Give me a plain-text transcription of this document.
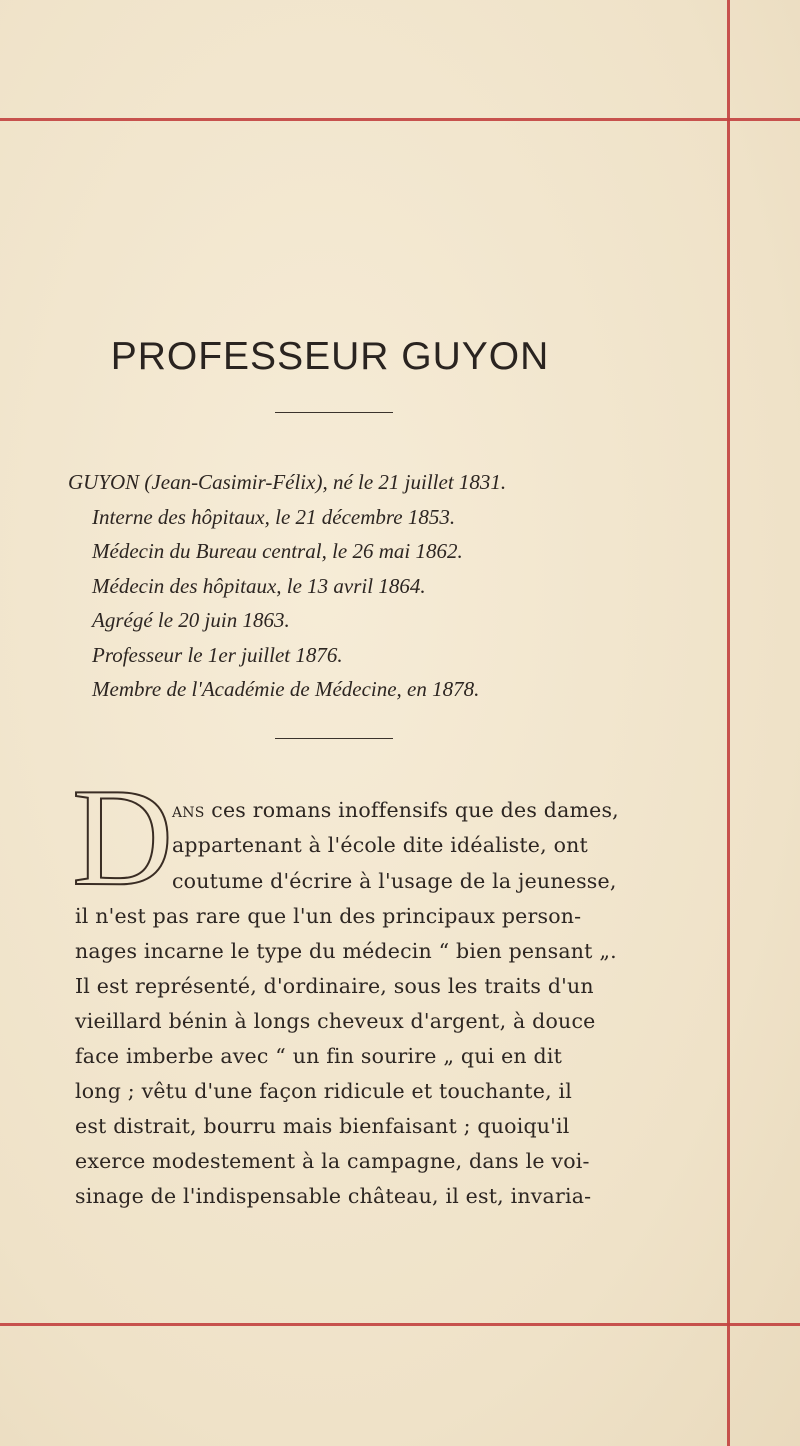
PROFESSEUR GUYON
GUYON (Jean-Casimir-Félix), né le 21 juillet 1831.
Interne des hôpitaux, le 21 décembre 1853.
Médecin du Bureau central, le 26 mai 1862.
Médecin des hôpitaux, le 13 avril 1864.
Agrégé le 20 juin 1863.
Professeur le 1er juillet 1876.
Membre de l'Académie de Médecine, en 1878.
D
ans ces romans inoffensifs que des dames,
appartenant à l'école dite idéaliste, ont
coutume d'écrire à l'usage de la jeunesse,
il n'est pas rare que l'un des principaux person-
nages incarne le type du médecin “ bien pensant „.
Il est représenté, d'ordinaire, sous les traits d'un
vieillard bénin à longs cheveux d'argent, à douce
face imberbe avec “ un fin sourire „ qui en dit
long ; vêtu d'une façon ridicule et touchante, il
est distrait, bourru mais bienfaisant ; quoiqu'il
exerce modestement à la campagne, dans le voi-
sinage de l'indispensable château, il est, invaria-
